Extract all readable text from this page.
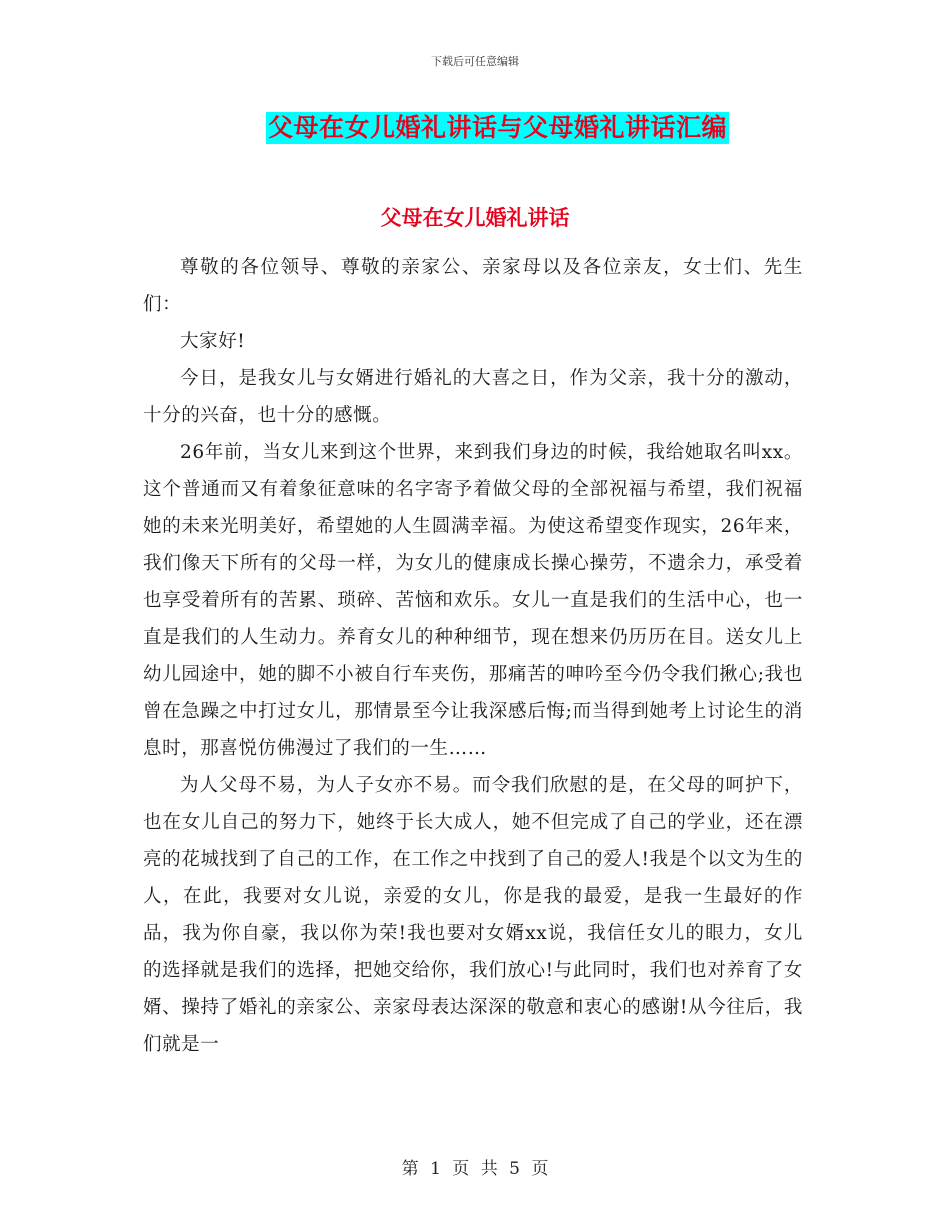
下载后可任意编辑
父母在女儿婚礼讲话与父母婚礼讲话汇编
父母在女儿婚礼讲话

尊敬的各位领导、尊敬的亲家公、亲家母以及各位亲友，女士们、先生们：

大家好!

今日，是我女儿与女婿进行婚礼的大喜之日，作为父亲，我十分的激动，十分的兴奋，也十分的感慨。

26年前，当女儿来到这个世界，来到我们身边的时候，我给她取名叫xx。这个普通而又有着象征意味的名字寄予着做父母的全部祝福与希望，我们祝福她的未来光明美好，希望她的人生圆满幸福。为使这希望变作现实，26年来，我们像天下所有的父母一样，为女儿的健康成长操心操劳，不遗余力，承受着也享受着所有的苦累、琐碎、苦恼和欢乐。女儿一直是我们的生活中心，也一直是我们的人生动力。养育女儿的种种细节，现在想来仍历历在目。送女儿上幼儿园途中，她的脚不小被自行车夹伤，那痛苦的呻吟至今仍令我们揪心;我也曾在急躁之中打过女儿，那情景至今让我深感后悔;而当得到她考上讨论生的消息时，那喜悦仿佛漫过了我们的一生……

为人父母不易，为人子女亦不易。而令我们欣慰的是，在父母的呵护下，也在女儿自己的努力下，她终于长大成人，她不但完成了自己的学业，还在漂亮的花城找到了自己的工作，在工作之中找到了自己的爱人!我是个以文为生的人，在此，我要对女儿说，亲爱的女儿，你是我的最爱，是我一生最好的作品，我为你自豪，我以你为荣!我也要对女婿xx说，我信任女儿的眼力，女儿的选择就是我们的选择，把她交给你，我们放心!与此同时，我们也对养育了女婿、操持了婚礼的亲家公、亲家母表达深深的敬意和衷心的感谢!从今往后，我们就是一

第 1 页 共 5 页
